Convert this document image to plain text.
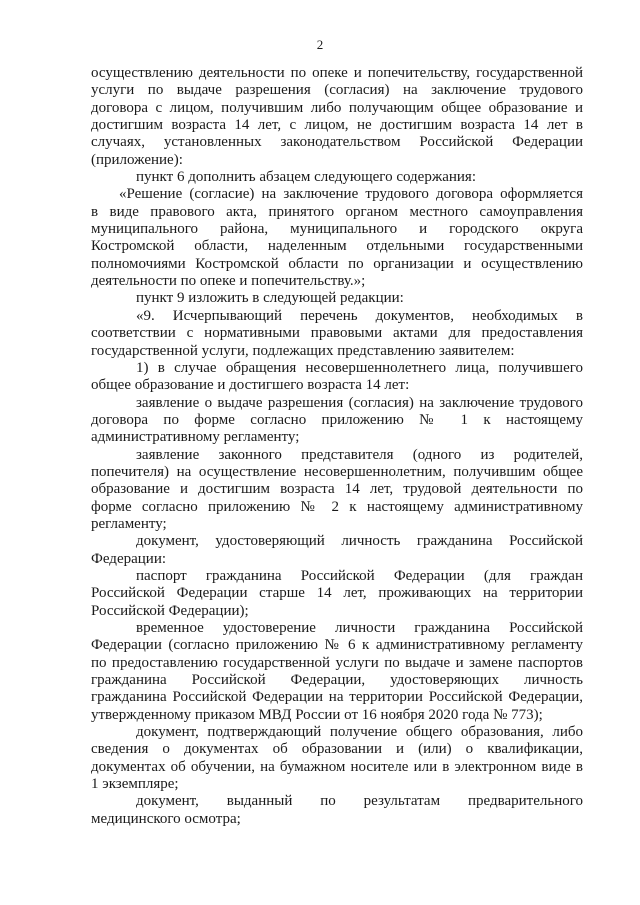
2
осуществлению деятельности по опеке и попечительству, государственной
услуги по выдаче разрешения (согласия) на заключение трудового
договора с лицом, получившим либо получающим общее образование и
достигшим возраста 14 лет, с лицом, не достигшим возраста 14 лет в
случаях, установленных законодательством Российской Федерации
(приложение):
пункт 6 дополнить абзацем следующего содержания:
«Решение (согласие) на заключение трудового договора оформляется
в виде правового акта, принятого органом местного самоуправления
муниципального района, муниципального и городского округа
Костромской области, наделенным отдельными государственными
полномочиями Костромской области по организации и осуществлению
деятельности по опеке и попечительству.»;
пункт 9 изложить в следующей редакции:
«9. Исчерпывающий перечень документов, необходимых в
соответствии с нормативными правовыми актами для предоставления
государственной услуги, подлежащих представлению заявителем:
1) в случае обращения несовершеннолетнего лица, получившего
общее образование и достигшего возраста 14 лет:
заявление о выдаче разрешения (согласия) на заключение трудового
договора по форме согласно приложению № 1 к настоящему
административному регламенту;
заявление законного представителя (одного из родителей,
попечителя) на осуществление несовершеннолетним, получившим общее
образование и достигшим возраста 14 лет, трудовой деятельности по
форме согласно приложению № 2 к настоящему административному
регламенту;
документ, удостоверяющий личность гражданина Российской
Федерации:
паспорт гражданина Российской Федерации (для граждан
Российской Федерации старше 14 лет, проживающих на территории
Российской Федерации);
временное удостоверение личности гражданина Российской
Федерации (согласно приложению № 6 к административному регламенту
по предоставлению государственной услуги по выдаче и замене паспортов
гражданина Российской Федерации, удостоверяющих личность
гражданина Российской Федерации на территории Российской Федерации,
утвержденному приказом МВД России от 16 ноября 2020 года № 773);
документ, подтверждающий получение общего образования, либо
сведения о документах об образовании и (или) о квалификации,
документах об обучении, на бумажном носителе или в электронном виде в
1 экземпляре;
документ, выданный по результатам предварительного
медицинского осмотра;
